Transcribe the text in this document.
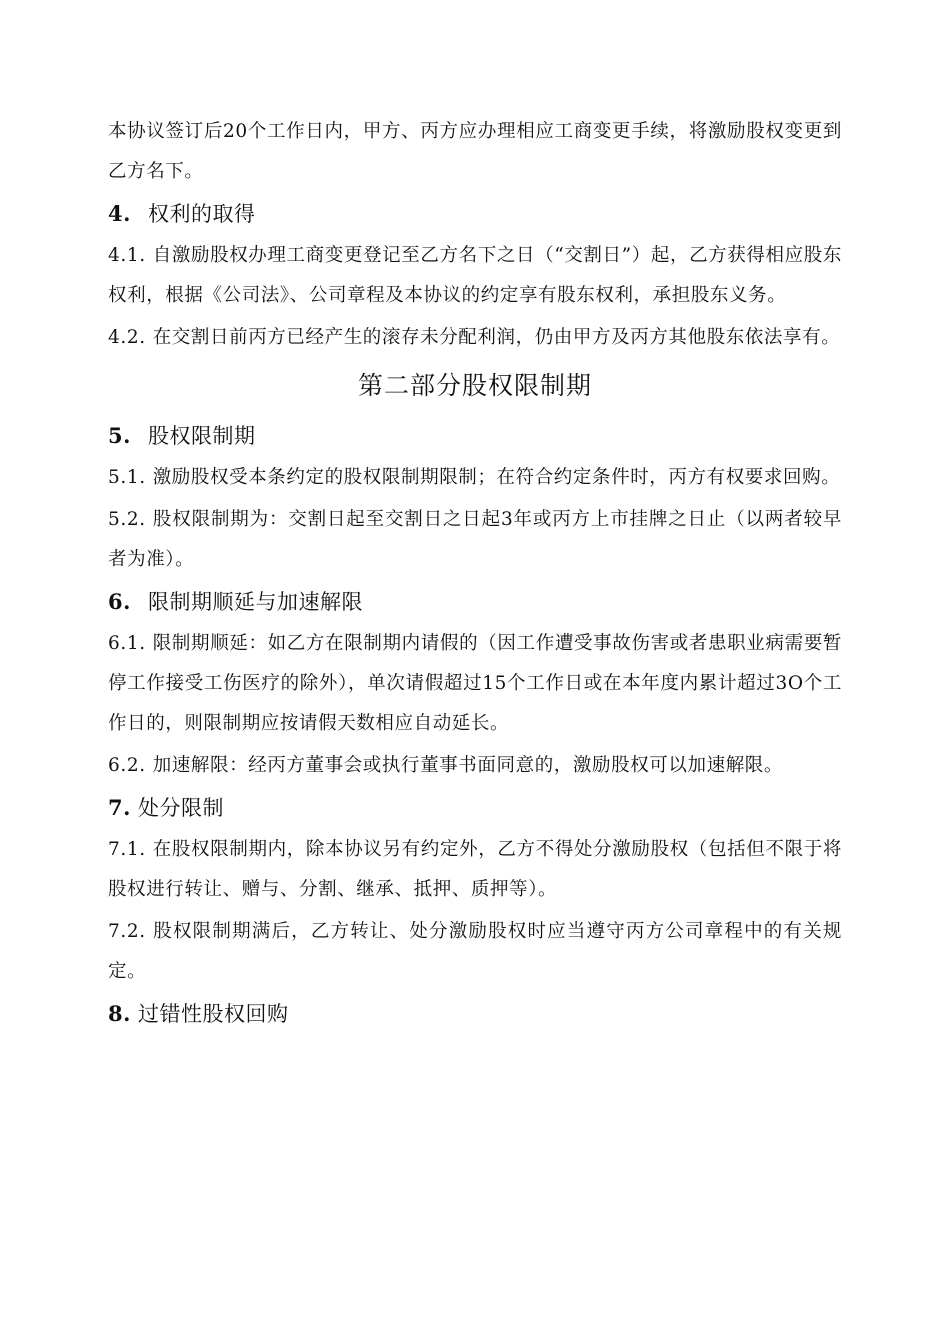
本协议签订后20个工作日内，甲方、丙方应办理相应工商变更手续，将激励股权变更到乙方名下。

4. 权利的取得

4.1. 自激励股权办理工商变更登记至乙方名下之日（“交割日”）起，乙方获得相应股东权利，根据《公司法》、公司章程及本协议的约定享有股东权利，承担股东义务。

4.2. 在交割日前丙方已经产生的滚存未分配利润，仍由甲方及丙方其他股东依法享有。

第二部分股权限制期
5. 股权限制期

5.1. 激励股权受本条约定的股权限制期限制；在符合约定条件时，丙方有权要求回购。

5.2. 股权限制期为：交割日起至交割日之日起3年或丙方上市挂牌之日止（以两者较早者为准）。

6. 限制期顺延与加速解限

6.1. 限制期顺延：如乙方在限制期内请假的（因工作遭受事故伤害或者患职业病需要暂停工作接受工伤医疗的除外），单次请假超过15个工作日或在本年度内累计超过3O个工作日的，则限制期应按请假天数相应自动延长。

6.2. 加速解限：经丙方董事会或执行董事书面同意的，激励股权可以加速解限。

7. 处分限制

7.1. 在股权限制期内，除本协议另有约定外，乙方不得处分激励股权（包括但不限于将股权进行转让、赠与、分割、继承、抵押、质押等）。

7.2. 股权限制期满后，乙方转让、处分激励股权时应当遵守丙方公司章程中的有关规定。

8. 过错性股权回购
